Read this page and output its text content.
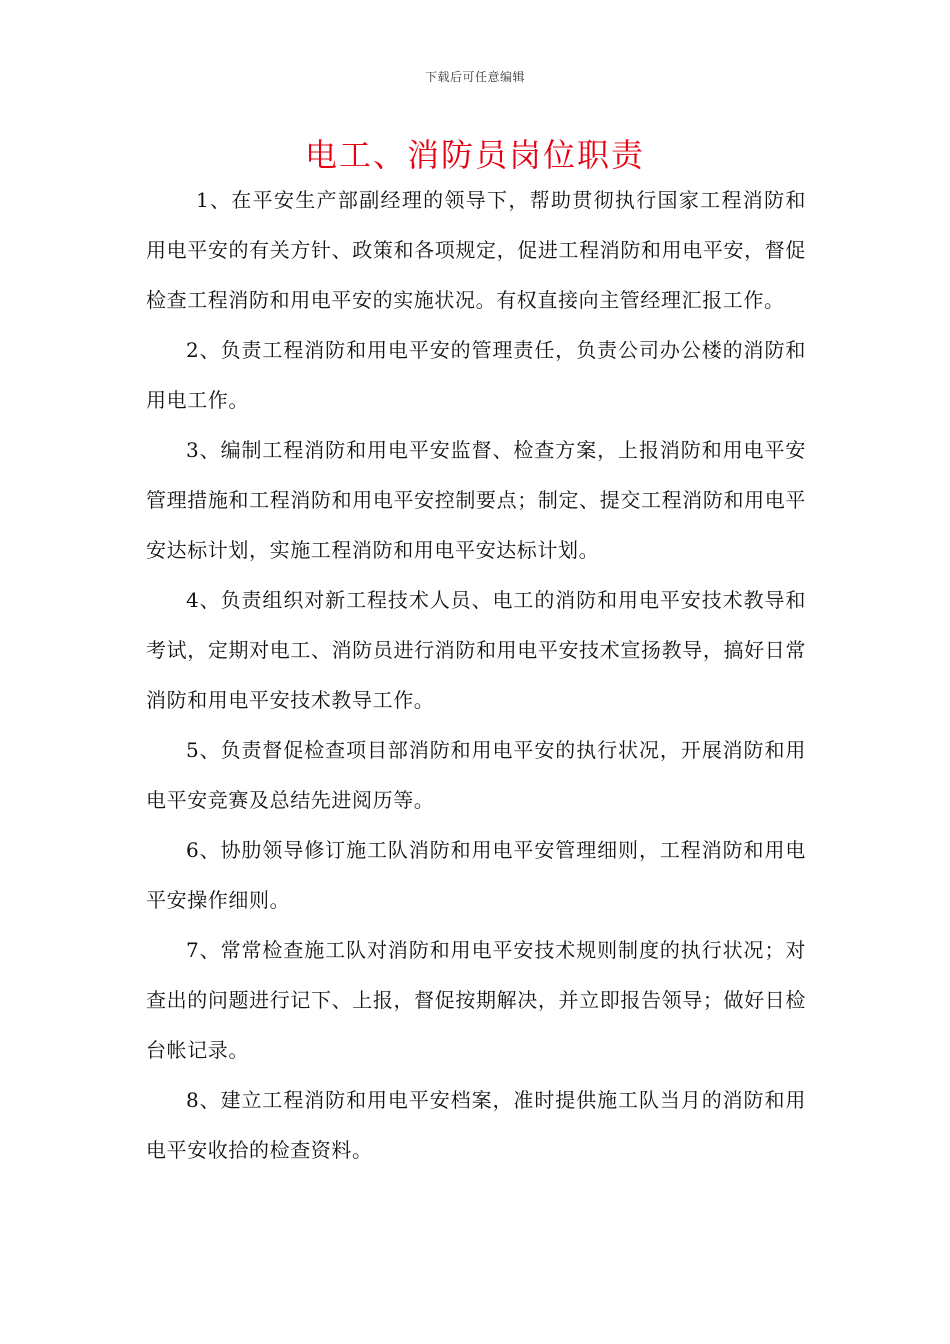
下载后可任意编辑
电工、消防员岗位职责

1、在平安生产部副经理的领导下，帮助贯彻执行国家工程消防和用电平安的有关方针、政策和各项规定，促进工程消防和用电平安，督促检查工程消防和用电平安的实施状况。有权直接向主管经理汇报工作。

2、负责工程消防和用电平安的管理责任，负责公司办公楼的消防和用电工作。

3、编制工程消防和用电平安监督、检查方案，上报消防和用电平安管理措施和工程消防和用电平安控制要点；制定、提交工程消防和用电平安达标计划，实施工程消防和用电平安达标计划。

4、负责组织对新工程技术人员、电工的消防和用电平安技术教导和考试，定期对电工、消防员进行消防和用电平安技术宣扬教导，搞好日常消防和用电平安技术教导工作。

5、负责督促检查项目部消防和用电平安的执行状况，开展消防和用电平安竞赛及总结先进阅历等。

6、协肋领导修订施工队消防和用电平安管理细则，工程消防和用电平安操作细则。

7、常常检查施工队对消防和用电平安技术规则制度的执行状况；对查出的问题进行记下、上报，督促按期解决，并立即报告领导；做好日检台帐记录。

8、建立工程消防和用电平安档案，准时提供施工队当月的消防和用电平安收拾的检查资料。
